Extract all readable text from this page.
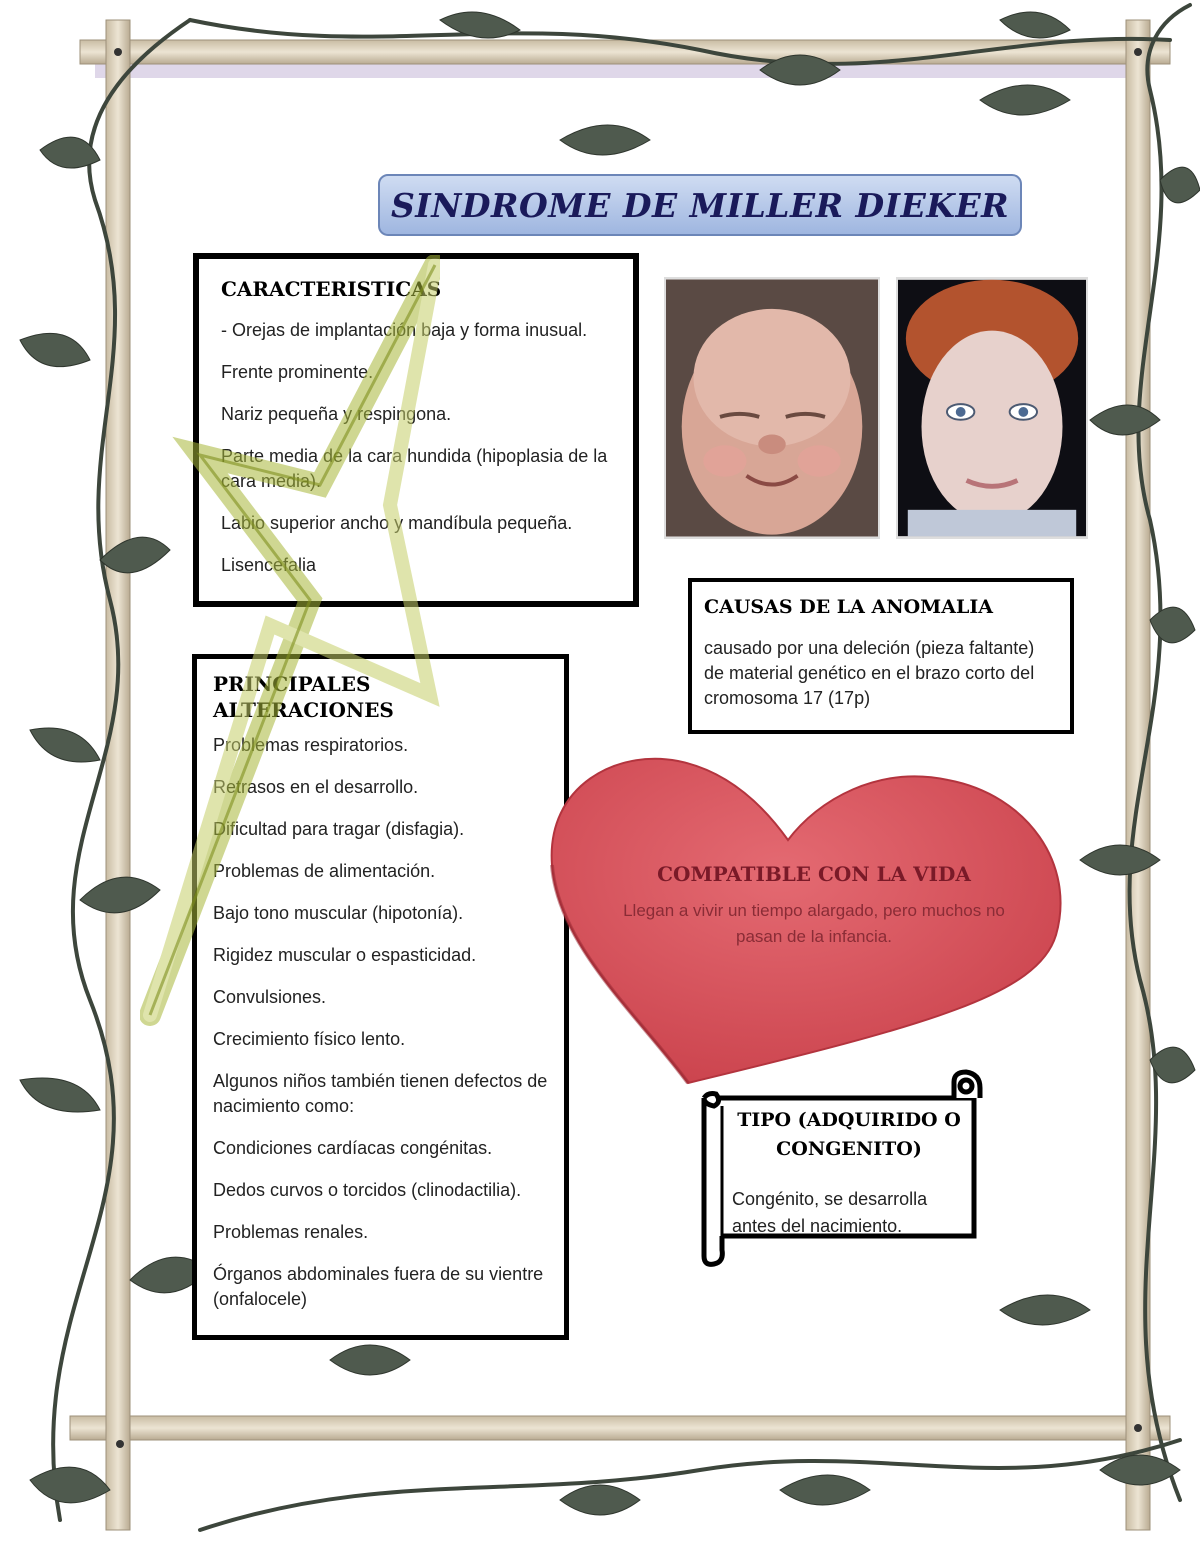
SINDROME DE MILLER DIEKER
CARACTERISTICAS

- Orejas de implantación baja y forma inusual.

Frente prominente.

Nariz pequeña y respingona.

Parte media de la cara hundida (hipoplasia de la cara media).

Labio superior ancho y mandíbula pequeña.

Lisencefalia

CAUSAS DE LA ANOMALIA

causado por una deleción (pieza faltante) de material genético en el brazo corto del cromosoma 17 (17p)

PRINCIPALES ALTERACIONES

Problemas respiratorios.

Retrasos en el desarrollo.

Dificultad para tragar (disfagia).

Problemas de alimentación.

Bajo tono muscular (hipotonía).

Rigidez muscular o espasticidad.

Convulsiones.

Crecimiento físico lento.

Algunos niños también tienen defectos de nacimiento como:

Condiciones cardíacas congénitas.

Dedos curvos o torcidos (clinodactilia).

Problemas renales.

Órganos abdominales fuera de su vientre (onfalocele)

COMPATIBLE CON LA VIDA

Llegan a vivir un tiempo alargado, pero muchos no pasan de la infancia.

TIPO (ADQUIRIDO O CONGENITO)

Congénito, se desarrolla antes del nacimiento.
